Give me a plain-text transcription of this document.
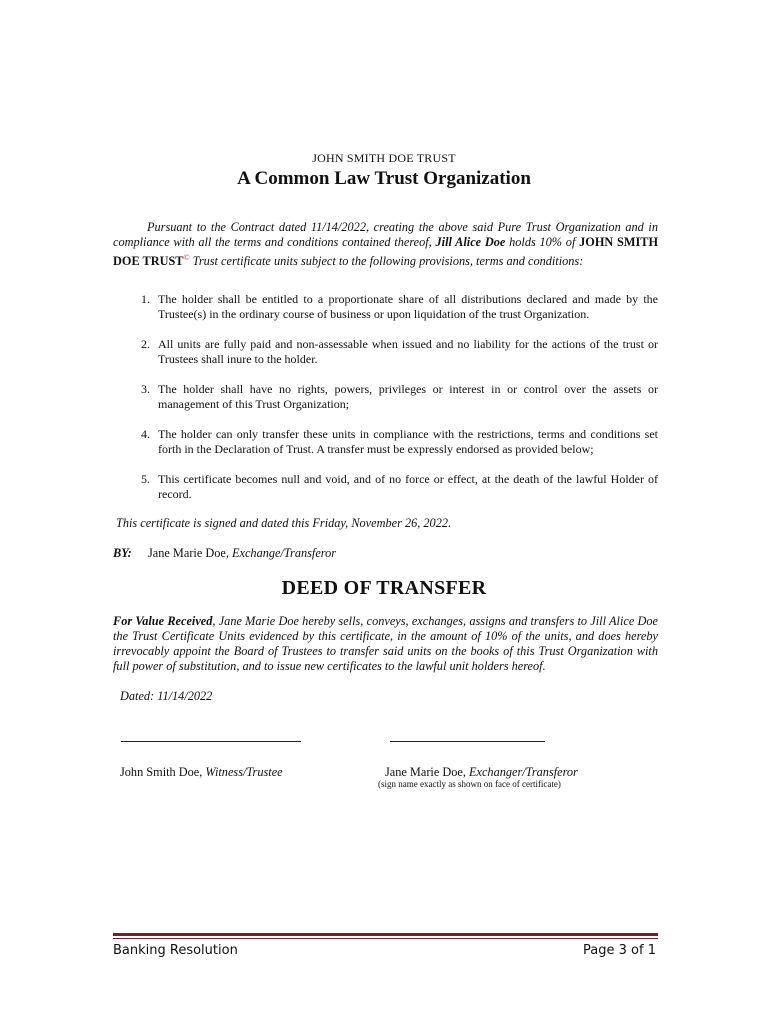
JOHN SMITH DOE TRUST
A Common Law Trust Organization
Pursuant to the Contract dated 11/14/2022, creating the above said Pure Trust Organization and in compliance with all the terms and conditions contained thereof, Jill Alice Doe holds 10% of JOHN SMITH DOE TRUST© Trust certificate units subject to the following provisions, terms and conditions:
1. The holder shall be entitled to a proportionate share of all distributions declared and made by the Trustee(s) in the ordinary course of business or upon liquidation of the trust Organization.
2. All units are fully paid and non-assessable when issued and no liability for the actions of the trust or Trustees shall inure to the holder.
3. The holder shall have no rights, powers, privileges or interest in or control over the assets or management of this Trust Organization;
4. The holder can only transfer these units in compliance with the restrictions, terms and conditions set forth in the Declaration of Trust. A transfer must be expressly endorsed as provided below;
5. This certificate becomes null and void, and of no force or effect, at the death of the lawful Holder of record.
This certificate is signed and dated this Friday, November 26, 2022.
BY: Jane Marie Doe, Exchange/Transferor
DEED OF TRANSFER
For Value Received, Jane Marie Doe hereby sells, conveys, exchanges, assigns and transfers to Jill Alice Doe the Trust Certificate Units evidenced by this certificate, in the amount of 10% of the units, and does hereby irrevocably appoint the Board of Trustees to transfer said units on the books of this Trust Organization with full power of substitution, and to issue new certificates to the lawful unit holders hereof.
Dated: 11/14/2022
John Smith Doe, Witness/Trustee	Jane Marie Doe, Exchanger/Transferor
(sign name exactly as shown on face of certificate)
Banking Resolution	Page 3 of 1
